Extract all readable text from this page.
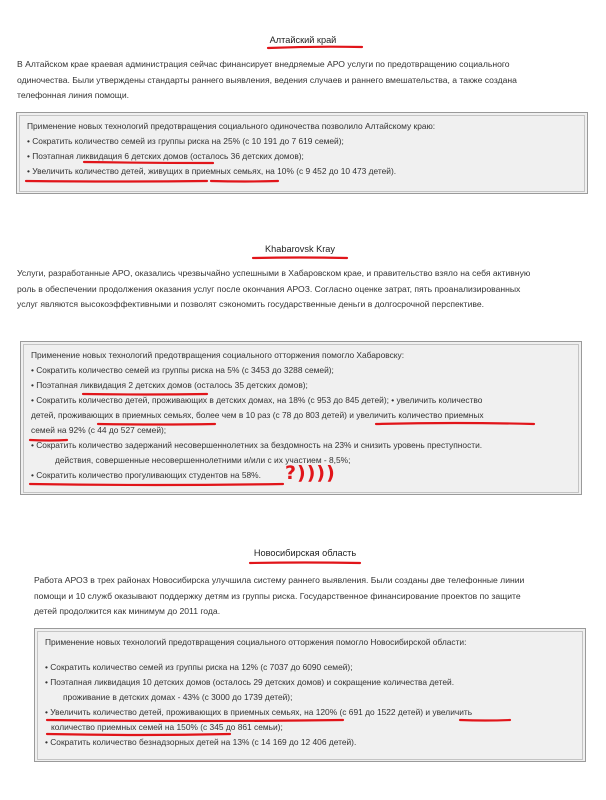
Алтайский край
В Алтайском крае краевая администрация сейчас финансирует внедряемые АРО услуги по предотвращению социального
одиночества. Были утверждены стандарты раннего выявления, ведения случаев и раннего вмешательства, а также создана
телефонная линия помощи.
Применение новых технологий предотвращения социального одиночества позволило Алтайскому краю:
• Сократить количество семей из группы риска на 25% (с 10 191 до 7 619 семей);
• Поэтапная ликвидация 6 детских домов (осталось 36 детских домов);
• Увеличить количество детей, живущих в приемных семьях, на 10% (с 9 452 до 10 473 детей).
Khabarovsk Kray
Услуги, разработанные АРО, оказались чрезвычайно успешными в Хабаровском крае, и правительство взяло на себя активную
роль в обеспечении продолжения оказания услуг после окончания АРОЗ. Согласно оценке затрат, пять проанализированных
услуг являются высокоэффективными и позволят сэкономить государственные деньги в долгосрочной перспективе.
Применение новых технологий предотвращения социального отторжения помогло Хабаровску:
• Сократить количество семей из группы риска на 5% (с 3453 до 3288 семей);
• Поэтапная ликвидация 2 детских домов (осталось 35 детских домов);
• Сократить количество детей, проживающих в детских домах, на 18% (с 953 до 845 детей); • увеличить количество
детей, проживающих в приемных семьях, более чем в 10 раз (с 78 до 803 детей) и увеличить количество приемных
семей на 92% (с 44 до 527 семей);
• Сократить количество задержаний несовершеннолетних за бездомность на 23% и снизить уровень преступности.
действия, совершенные несовершеннолетними и/или с их участием - 8,5%;
• Сократить количество прогуливающих студентов на 58%.	?))))
Новосибирская область
Работа АРОЗ в трех районах Новосибирска улучшила систему раннего выявления. Были созданы две телефонные линии
помощи и 10 служб оказывают поддержку детям из группы риска. Государственное финансирование проектов по защите
детей продолжится как минимум до 2011 года.
Применение новых технологий предотвращения социального отторжения помогло Новосибирской области:
• Сократить количество семей из группы риска на 12% (с 7037 до 6090 семей);
• Поэтапная ликвидация 10 детских домов (осталось 29 детских домов) и сокращение количества детей.
проживание в детских домах - 43% (с 3000 до 1739 детей);
• Увеличить количество детей, проживающих в приемных семьях, на 120% (с 691 до 1522 детей) и увеличить
количество приемных семей на 150% (с 345 до 861 семьи);
• Сократить количество безнадзорных детей на 13% (с 14 169 до 12 406 детей).
